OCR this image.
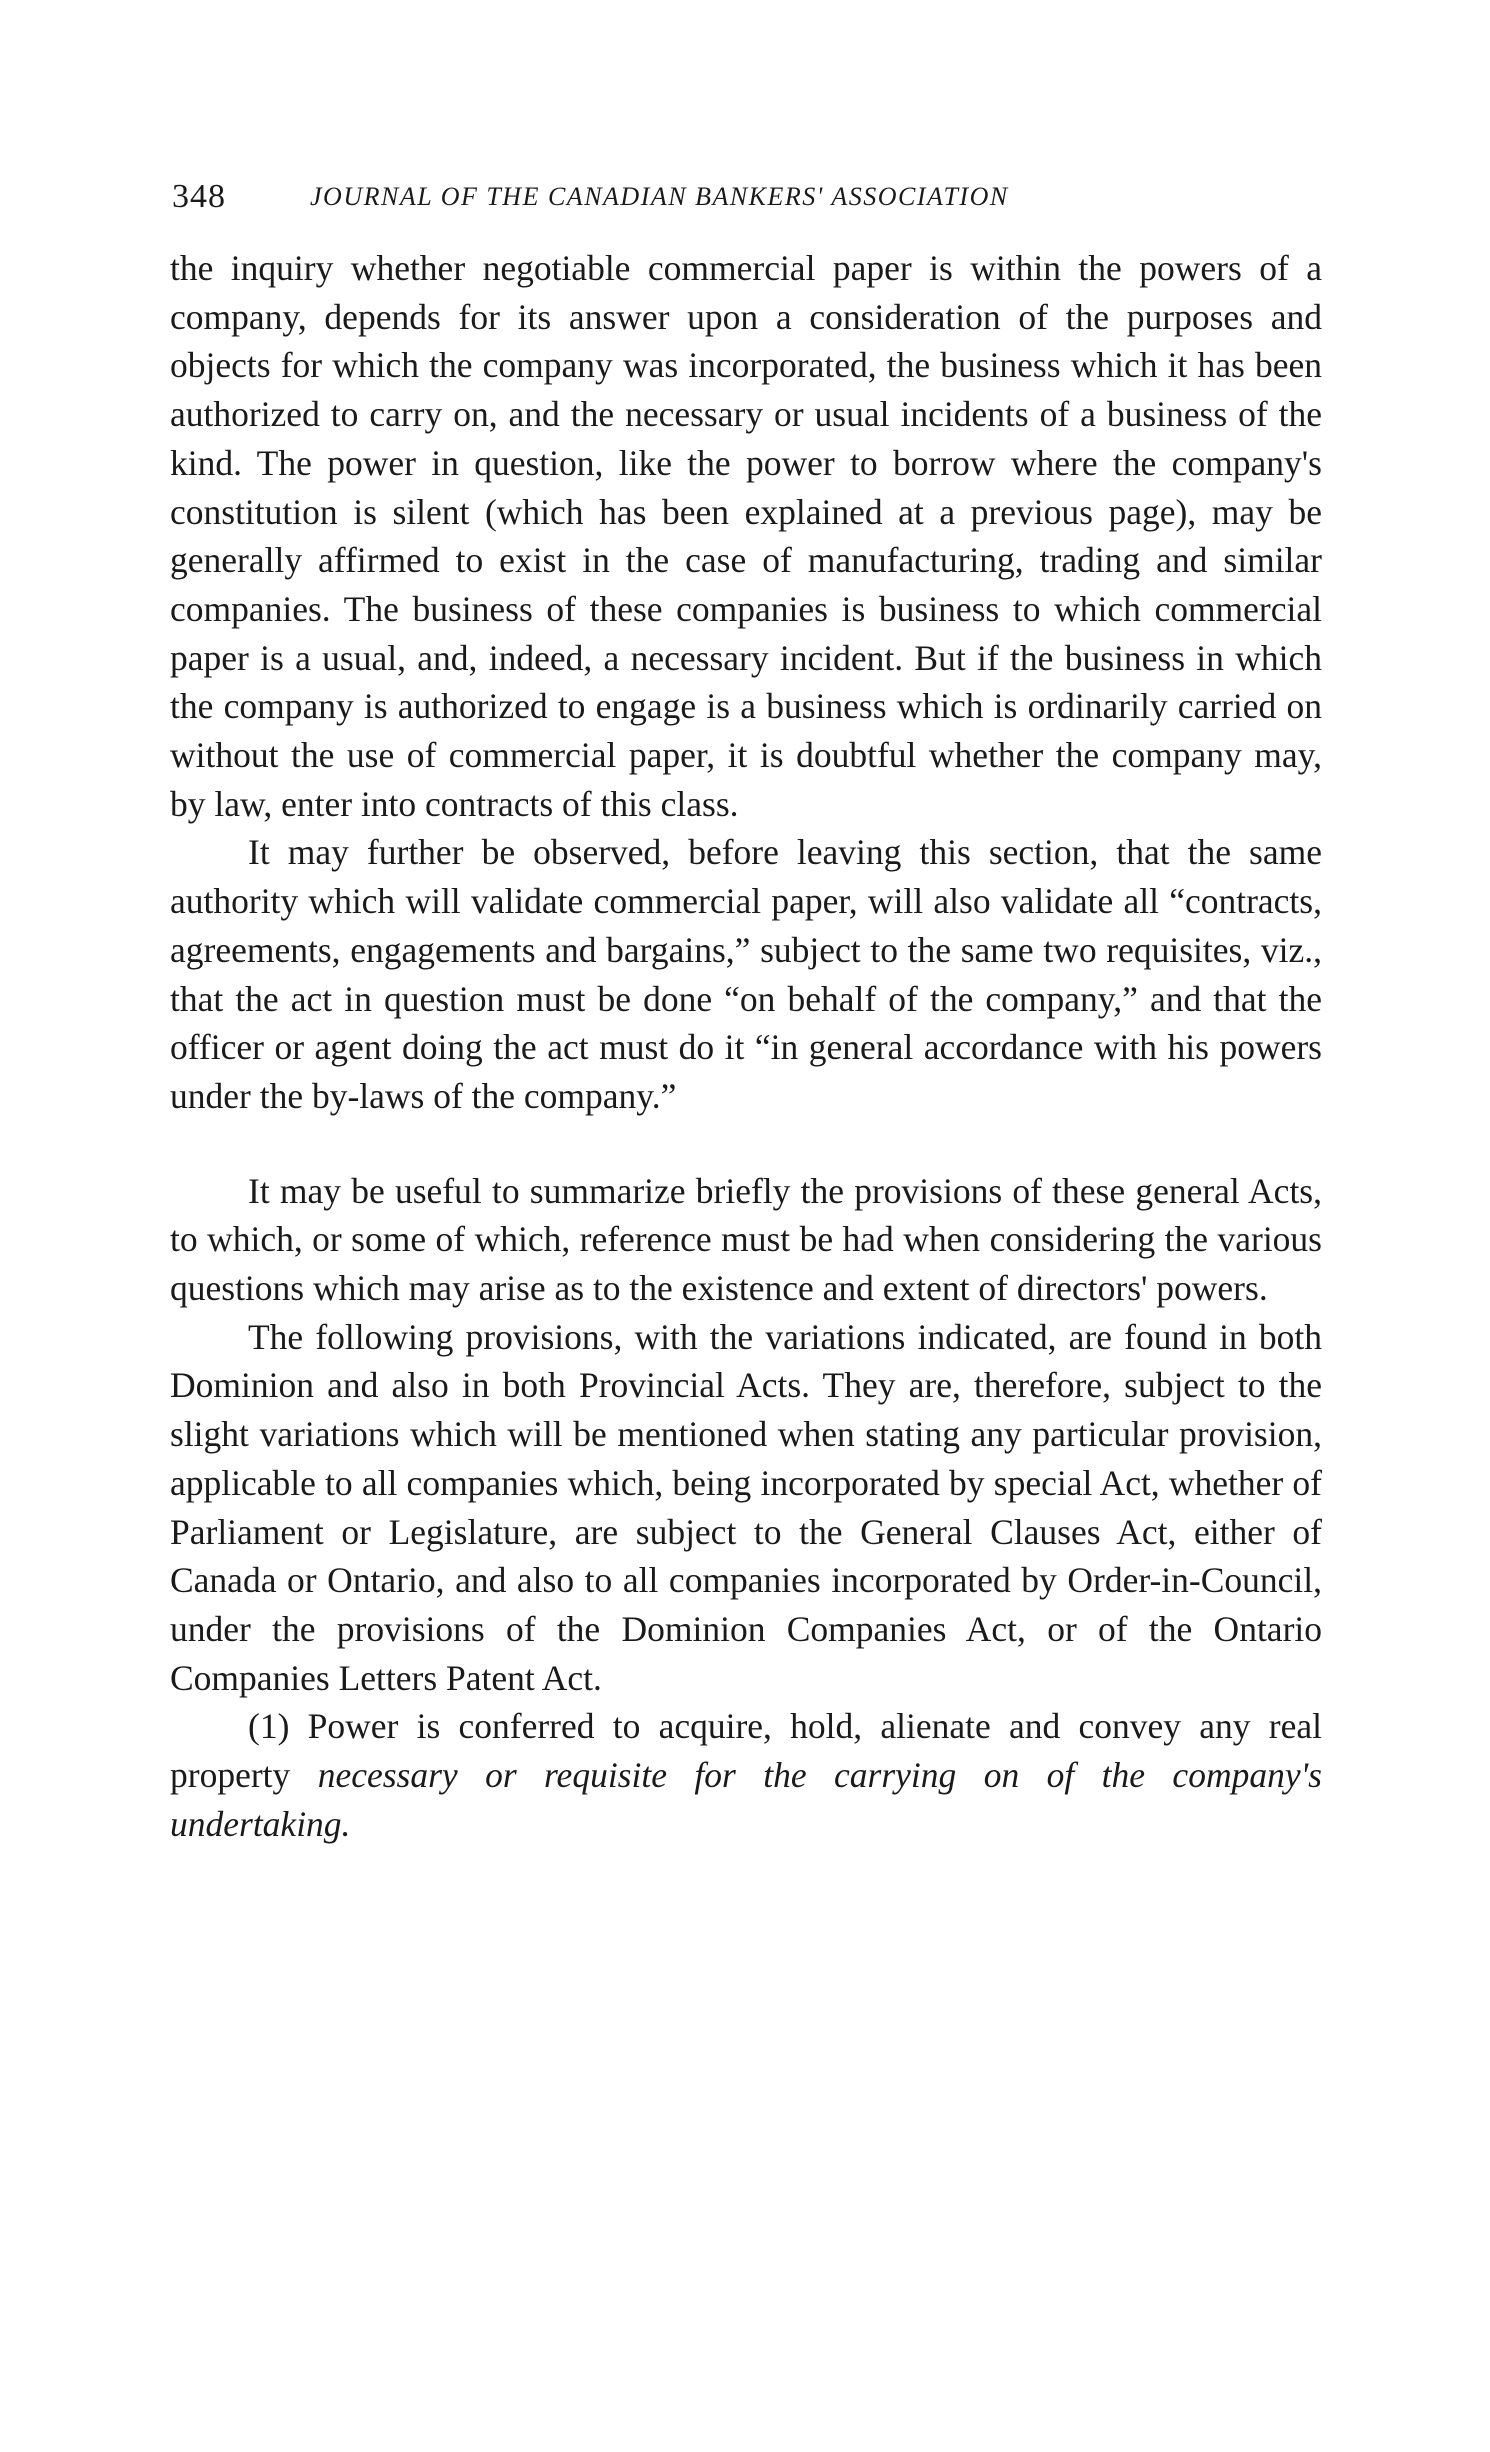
348	JOURNAL OF THE CANADIAN BANKERS' ASSOCIATION

the inquiry whether negotiable commercial paper is within the powers of a company, depends for its answer upon a consideration of the purposes and objects for which the company was incorporated, the business which it has been authorized to carry on, and the necessary or usual incidents of a business of the kind. The power in question, like the power to borrow where the company's constitution is silent (which has been explained at a previous page), may be generally affirmed to exist in the case of manufacturing, trading and similar companies. The business of these companies is business to which commercial paper is a usual, and, indeed, a necessary incident. But if the business in which the company is authorized to engage is a business which is ordinarily carried on without the use of commercial paper, it is doubtful whether the company may, by law, enter into contracts of this class.

It may further be observed, before leaving this section, that the same authority which will validate commercial paper, will also validate all “contracts, agreements, engagements and bargains,” subject to the same two requisites, viz., that the act in question must be done “on behalf of the company,” and that the officer or agent doing the act must do it “in general accordance with his powers under the by-laws of the company.”

It may be useful to summarize briefly the provisions of these general Acts, to which, or some of which, reference must be had when considering the various questions which may arise as to the existence and extent of directors' powers.

The following provisions, with the variations indicated, are found in both Dominion and also in both Provincial Acts. They are, therefore, subject to the slight variations which will be mentioned when stating any particular provision, applicable to all companies which, being incorporated by special Act, whether of Parliament or Legislature, are subject to the General Clauses Act, either of Canada or Ontario, and also to all companies incorporated by Order-in-Council, under the provisions of the Dominion Companies Act, or of the Ontario Companies Letters Patent Act.

(1) Power is conferred to acquire, hold, alienate and convey any real property necessary or requisite for the carrying on of the company's undertaking.
